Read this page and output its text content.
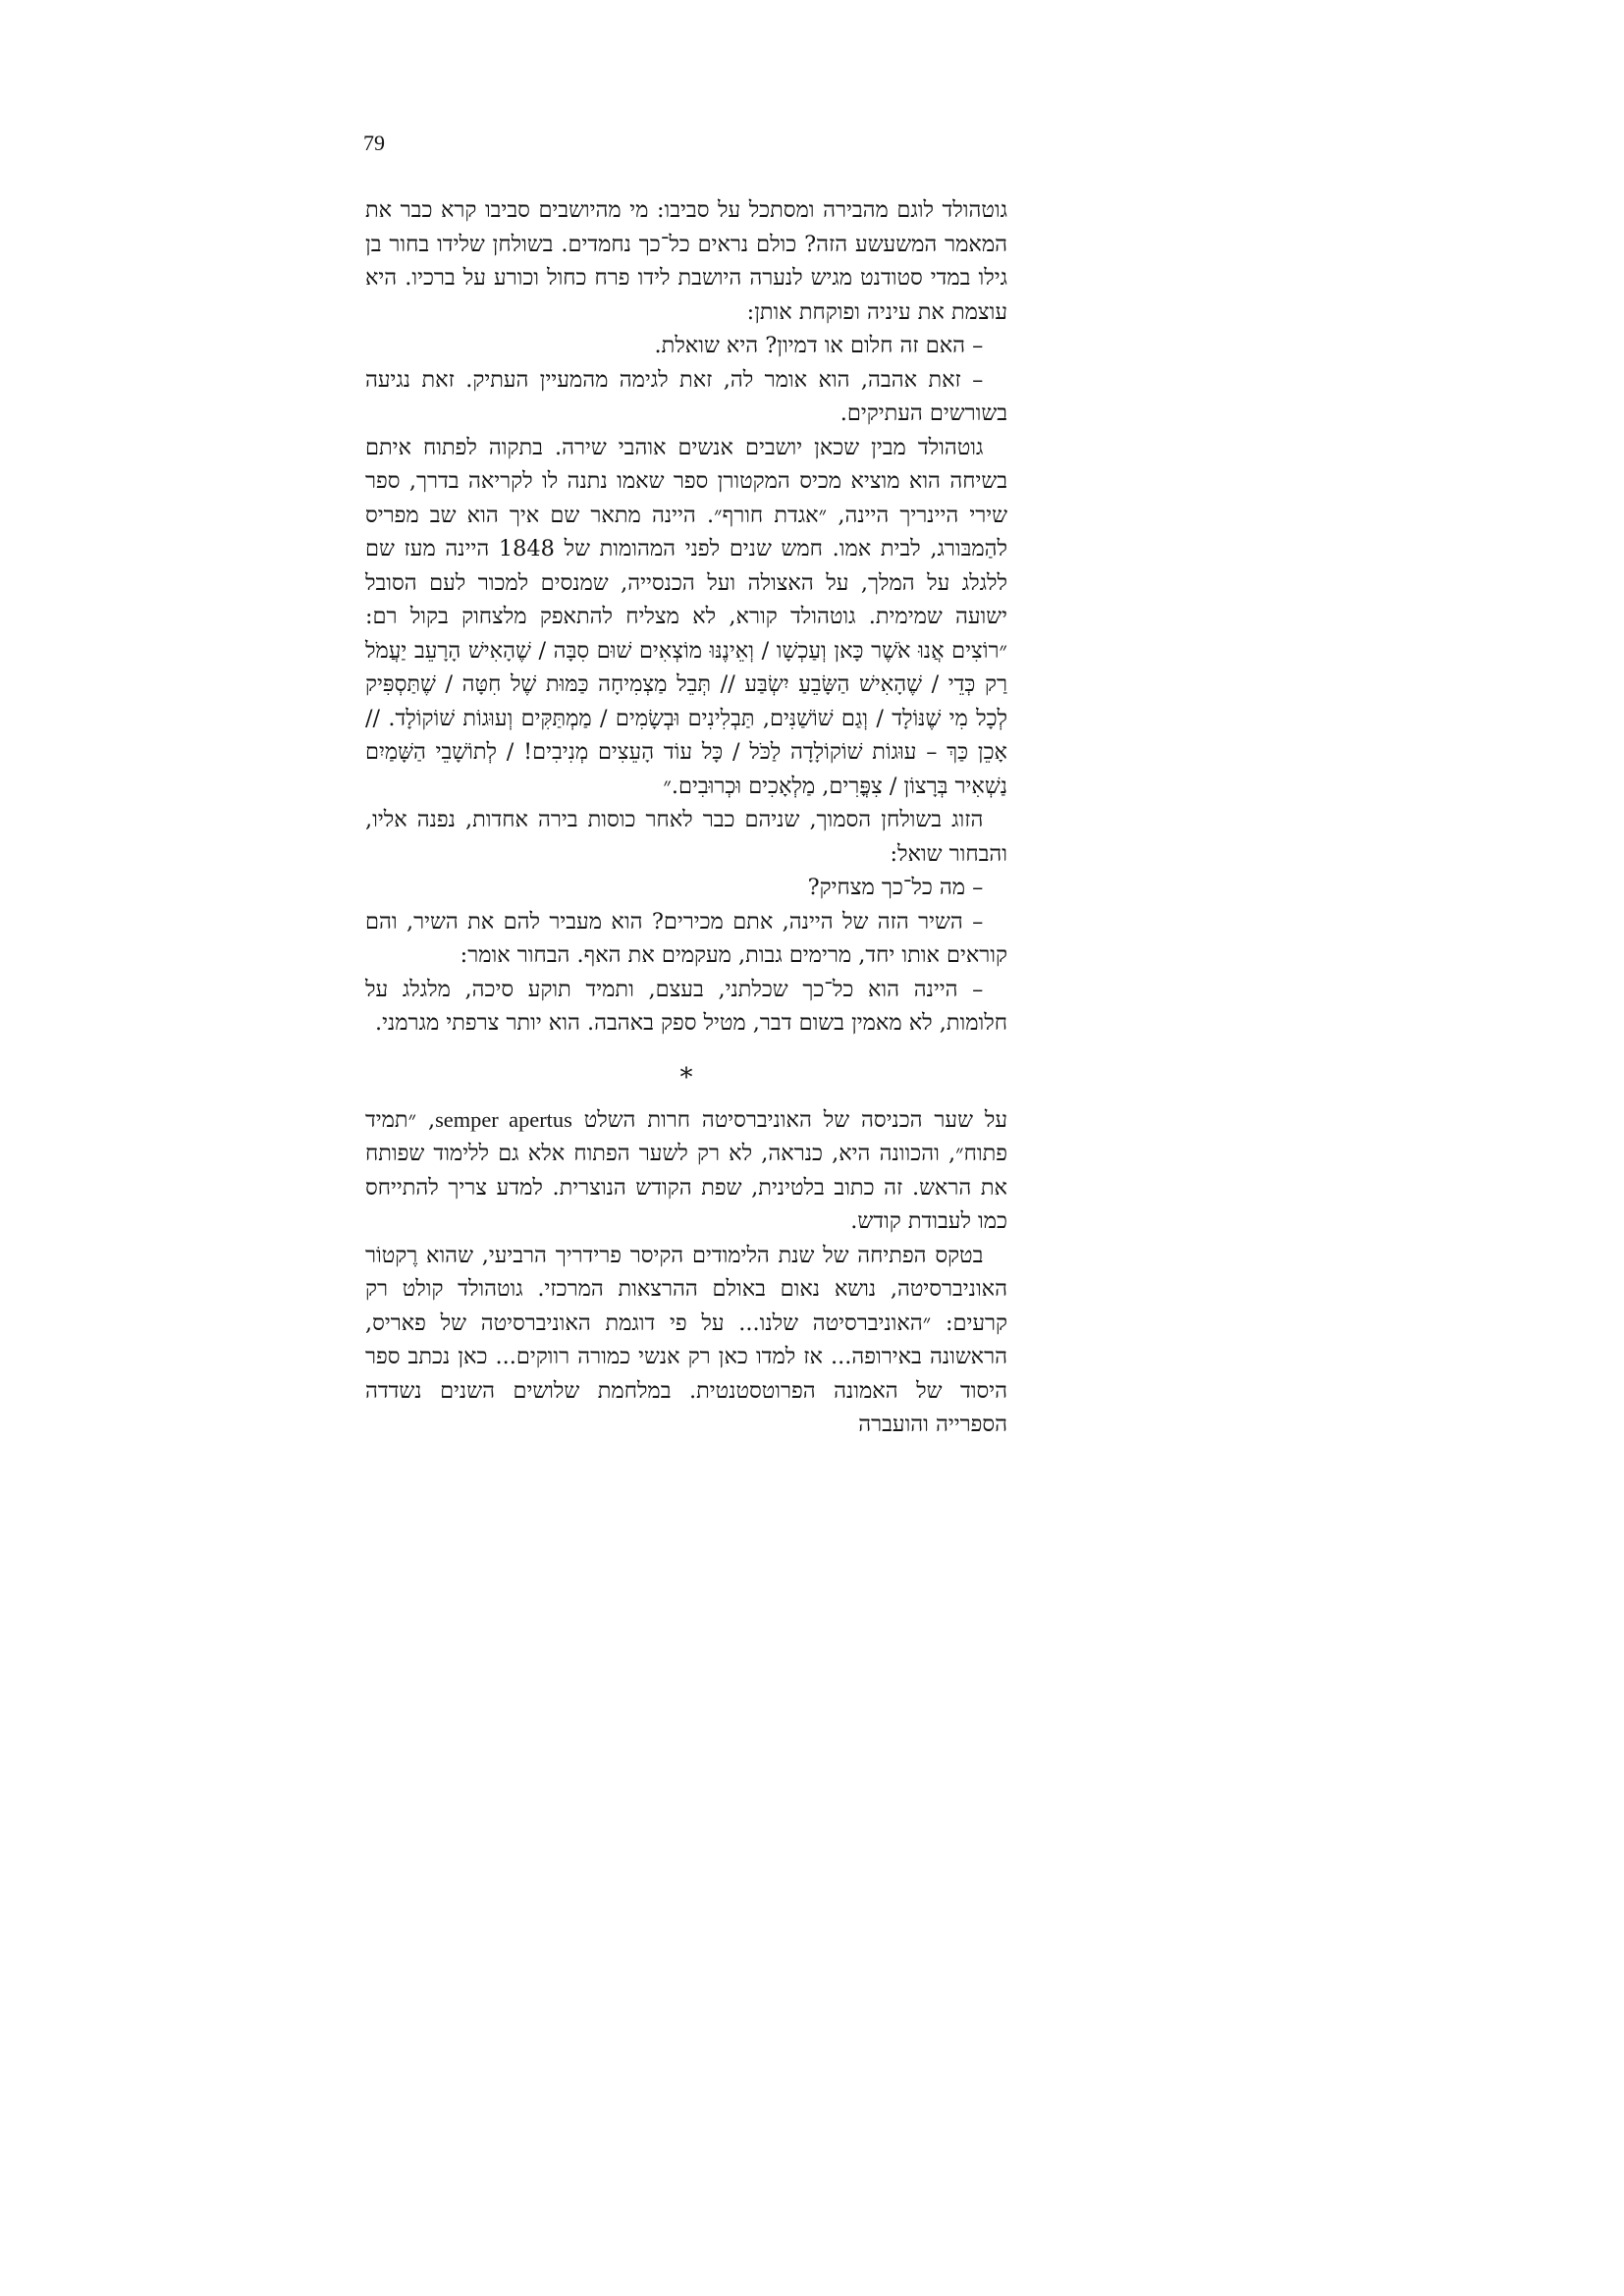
79

גוטהולד לוגם מהבירה ומסתכל על סביבו: מי מהיושבים סביבו קרא כבר את המאמר המשעשע הזה? כולם נראים כל־כך נחמדים. בשולחן שלידו בחור בן גילו במדי סטודנט מגיש לנערה היושבת לידו פרח כחול וכורע על ברכיו. היא עוצמת את עיניה ופוקחת אותן:

– האם זה חלום או דמיון? היא שואלת.

– זאת אהבה, הוא אומר לה, זאת לגימה מהמעיין העתיק. זאת נגיעה בשורשים העתיקים.

גוטהולד מבין שכאן יושבים אנשים אוהבי שירה. בתקוה לפתוח איתם בשיחה הוא מוציא מכיס המקטורן ספר שאמו נתנה לו לקריאה בדרך, ספר שירי היינריך היינה, ״אגדת חורף״. היינה מתאר שם איך הוא שב מפריס להַמבּורג, לבית אמו. חמש שנים לפני המהומות של 1848 היינה מעז שם ללגלג על המלך, על האצולה ועל הכנסייה, שמנסים למכור לעם הסובל ישועה שמימית. גוטהולד קורא, לא מצליח להתאפק מלצחוק בקול רם: ״רוֹצִים אֲנוּ אֹשֶׁר כָּאן וְעַכְשָׁו / וְאֵינֶנּוּ מוֹצְאִים שׁוּם סִבָּה / שֶׁהָאִישׁ הָרָעֵב יַעֲמֹל רַק כְּדֵי / שֶׁהָאִישׁ הַשָּׂבֵעַ יִשְׂבַּע // תְּבֵל מַצְמִיחָה כַּמּוּת שֶׁל חִטָּה / שֶׁתַּסְפִּיק לְכָל מִי שֶׁנּוֹלָד / וְגַם שׁוֹשַׁנִּים, תַּבְלִינִים וּבְשָׂמִים / מַמְתַּקִּים וְעוּגוֹת שׁוֹקוֹלָד. // אָכֵן כַּךְ – עוּגוֹת שׁוֹקוֹלָדָה לַכֹּל / כָּל עוֹד הָעֵצִים מְנִיבִים! / לְתוֹשָׁבֵי הַשָּׁמַיִם נַשְׁאִיר בְּרָצוֹן / צִפֳּרִים, מַלְאָכִים וּכְרוּבִים.״

הזוג בשולחן הסמוך, שניהם כבר לאחר כוסות בירה אחדות, נפנה אליו, והבחור שואל:

– מה כל־כך מצחיק?

– השיר הזה של היינה, אתם מכירים? הוא מעביר להם את השיר, והם קוראים אותו יחד, מרימים גבות, מעקמים את האף. הבחור אומר:

– היינה הוא כל־כך שכלתני, בעצם, ותמיד תוקע סיכה, מלגלג על חלומות, לא מאמין בשום דבר, מטיל ספק באהבה. הוא יותר צרפתי מגרמני.

*

על שער הכניסה של האוניברסיטה חרות השלט semper apertus, ״תמיד פתוח״, והכוונה היא, כנראה, לא רק לשער הפתוח אלא גם ללימוד שפותח את הראש. זה כתוב בלטינית, שפת הקודש הנוצרית. למדע צריך להתייחס כמו לעבודת קודש.

בטקס הפתיחה של שנת הלימודים הקיסר פרידריך הרביעי, שהוא רֶקטוֹר האוניברסיטה, נושא נאום באולם ההרצאות המרכזי. גוטהולד קולט רק קרעים: ״האוניברסיטה שלנו... על פי דוגמת האוניברסיטה של פאריס, הראשונה באירופה... אז למדו כאן רק אנשי כמורה רווקים... כאן נכתב ספר היסוד של האמונה הפרוטסטנטית. במלחמת שלושים השנים נשדדה הספרייה והועברה
